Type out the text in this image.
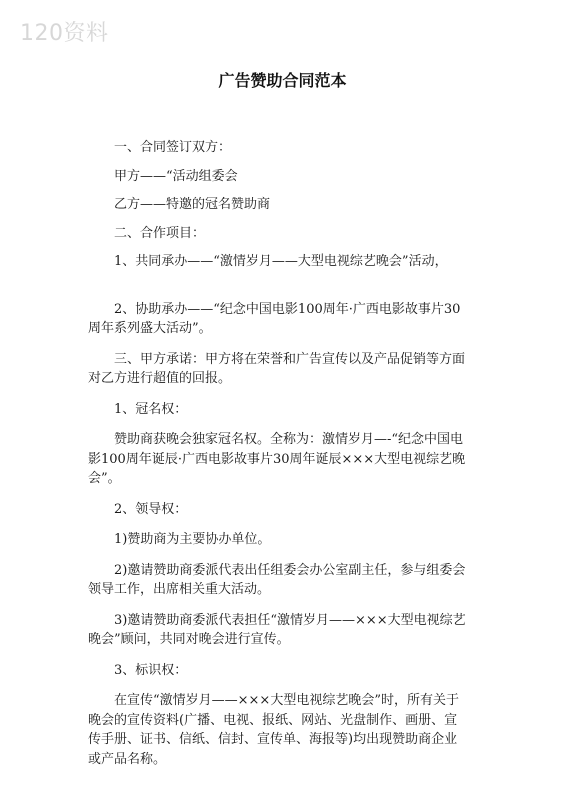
120资料
广告赞助合同范本

一、合同签订双方：

甲方——“活动组委会

乙方——特邀的冠名赞助商

二、合作项目：

1、共同承办——“激情岁月——大型电视综艺晚会”活动，

2、协助承办——“纪念中国电影100周年·广西电影故事片30周年系列盛大活动”。

三、甲方承诺：甲方将在荣誉和广告宣传以及产品促销等方面对乙方进行超值的回报。

1、冠名权：

赞助商获晚会独家冠名权。全称为：激情岁月—-“纪念中国电影100周年诞辰·广西电影故事片30周年诞辰×××大型电视综艺晚会”。

2、领导权：

1)赞助商为主要协办单位。

2)邀请赞助商委派代表出任组委会办公室副主任，参与组委会领导工作，出席相关重大活动。

3)邀请赞助商委派代表担任“激情岁月——×××大型电视综艺晚会”顾问，共同对晚会进行宣传。

3、标识权：

在宣传“激情岁月——×××大型电视综艺晚会”时，所有关于晚会的宣传资料(广播、电视、报纸、网站、光盘制作、画册、宣传手册、证书、信纸、信封、宣传单、海报等)均出现赞助商企业或产品名称。
